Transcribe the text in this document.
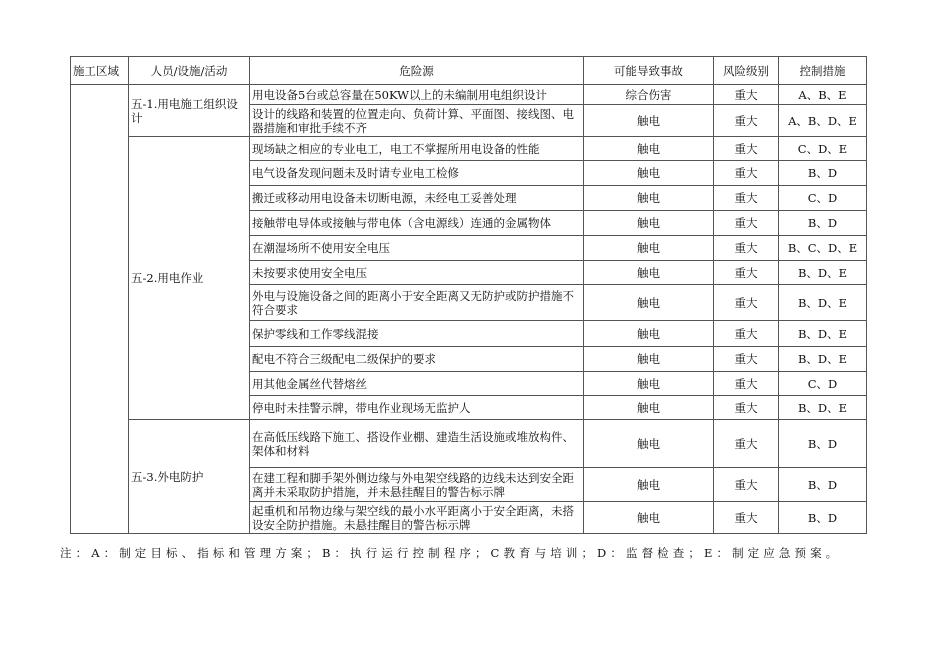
施工区域	人员/设施/活动	危险源	可能导致事故	风险级别	控制措施
	五-1.用电施工组织设计	用电设备5台或总容量在50KW以上的未编制用电组织设计	综合伤害	重大	A、B、E
		设计的线路和装置的位置走向、负荷计算、平面图、接线图、电器措施和审批手续不齐	触电	重大	A、B、D、E
	五-2.用电作业	现场缺之相应的专业电工，电工不掌握所用电设备的性能	触电	重大	C、D、E
		电气设备发现问题未及时请专业电工检修	触电	重大	B、D
		搬迁或移动用电设备未切断电源，未经电工妥善处理	触电	重大	C、D
		接触带电导体或接触与带电体（含电源线）连通的金属物体	触电	重大	B、D
		在潮湿场所不使用安全电压	触电	重大	B、C、D、E
		未按要求使用安全电压	触电	重大	B、D、E
		外电与设施设备之间的距离小于安全距离又无防护或防护措施不符合要求	触电	重大	B、D、E
		保护零线和工作零线混接	触电	重大	B、D、E
		配电不符合三级配电二级保护的要求	触电	重大	B、D、E
		用其他金属丝代替熔丝	触电	重大	C、D
		停电时未挂警示牌，带电作业现场无监护人	触电	重大	B、D、E
	五-3.外电防护	在高低压线路下施工、搭设作业棚、建造生活设施或堆放构件、架体和材料	触电	重大	B、D
		在建工程和脚手架外侧边缘与外电架空线路的边线未达到安全距离并未采取防护措施，并未悬挂醒目的警告标示牌	触电	重大	B、D
		起重机和吊物边缘与架空线的最小水平距离小于安全距离，未搭设安全防护措施。未悬挂醒目的警告标示牌	触电	重大	B、D
注：A：制定目标、指标和管理方案；B：执行运行控制程序；C教育与培训；D：监督检查；E：制定应急预案。
